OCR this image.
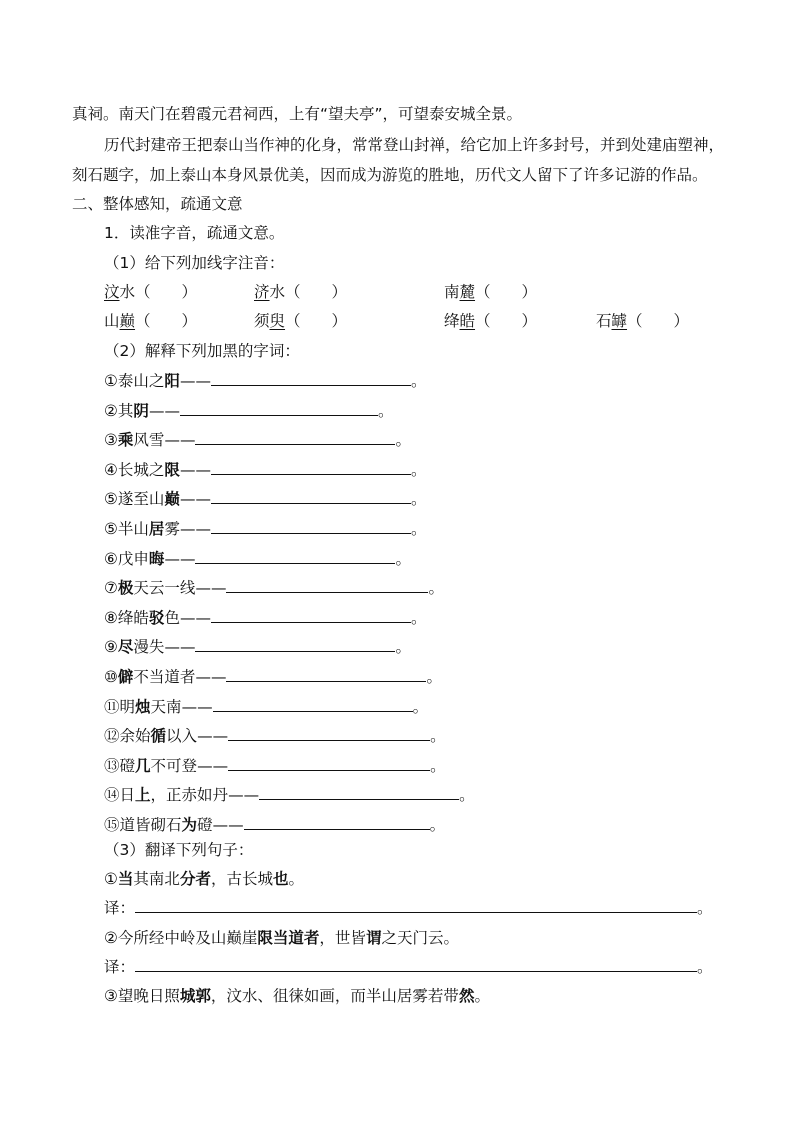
真祠。南天门在碧霞元君祠西，上有“望夫亭”，可望泰安城全景。
历代封建帝王把泰山当作神的化身，常常登山封禅，给它加上许多封号，并到处建庙塑神，
刻石题字，加上泰山本身风景优美，因而成为游览的胜地，历代文人留下了许多记游的作品。
二、整体感知，疏通文意
1．读准字音，疏通文意。
（1）给下列加线字注音：
汶水（　　）	济水（　　）	南麓（　　）
山巅（　　）	须臾（　　）	绛皓（　　）	石罅（　　）
（2）解释下列加黑的字词：
①泰山之阳——	。
②其阴——	。
③乘风雪——	。
④长城之限——	。
⑤遂至山巅——	。
⑤半山居雾——	。
⑥戊申晦——	。
⑦极天云一线——	。
⑧绛皓驳色——	。
⑨尽漫失——	。
⑩僻不当道者——	。
⑪明烛天南——	。
⑫余始循以入——	。
⑬磴几不可登——	。
⑭日上，正赤如丹——	。
⑮道皆砌石为磴——	。
（3）翻译下列句子：
①当其南北分者，古长城也。
译：	。
②今所经中岭及山巅崖限当道者，世皆谓之天门云。
译：	。
③望晚日照城郭，汶水、徂徕如画，而半山居雾若带然。
